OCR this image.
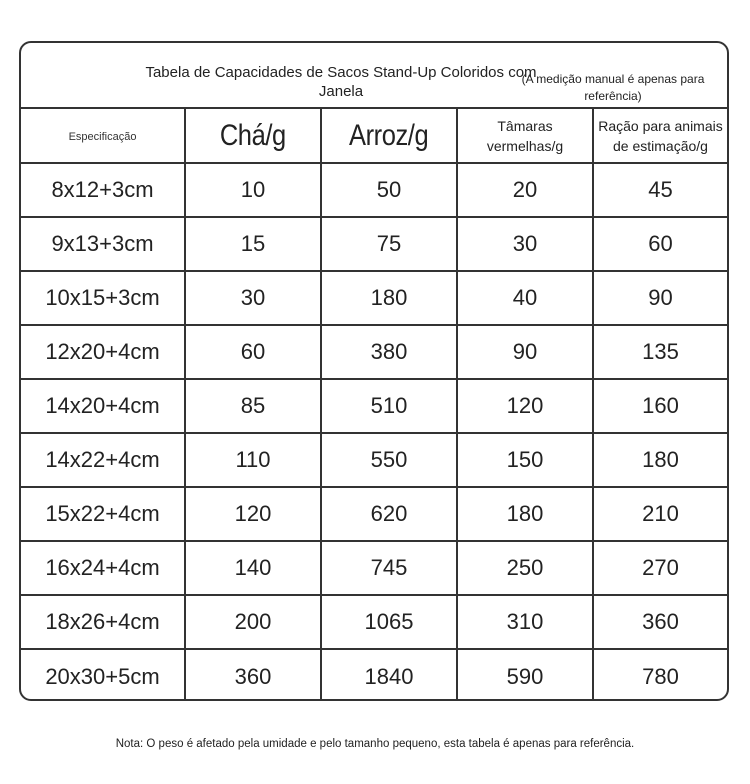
Tabela de Capacidades de Sacos Stand-Up Coloridos com Janela
(A medição manual é apenas para referência)
Especificação	Chá/g	Arroz/g	Tâmaras vermelhas/g	Ração para animais de estimação/g

8x12+3cm	10	50	20	45
9x13+3cm	15	75	30	60
10x15+3cm	30	180	40	90
12x20+4cm	60	380	90	135
14x20+4cm	85	510	120	160
14x22+4cm	110	550	150	180
15x22+4cm	120	620	180	210
16x24+4cm	140	745	250	270
18x26+4cm	200	1065	310	360
20x30+5cm	360	1840	590	780
Nota: O peso é afetado pela umidade e pelo tamanho pequeno, esta tabela é apenas para referência.
